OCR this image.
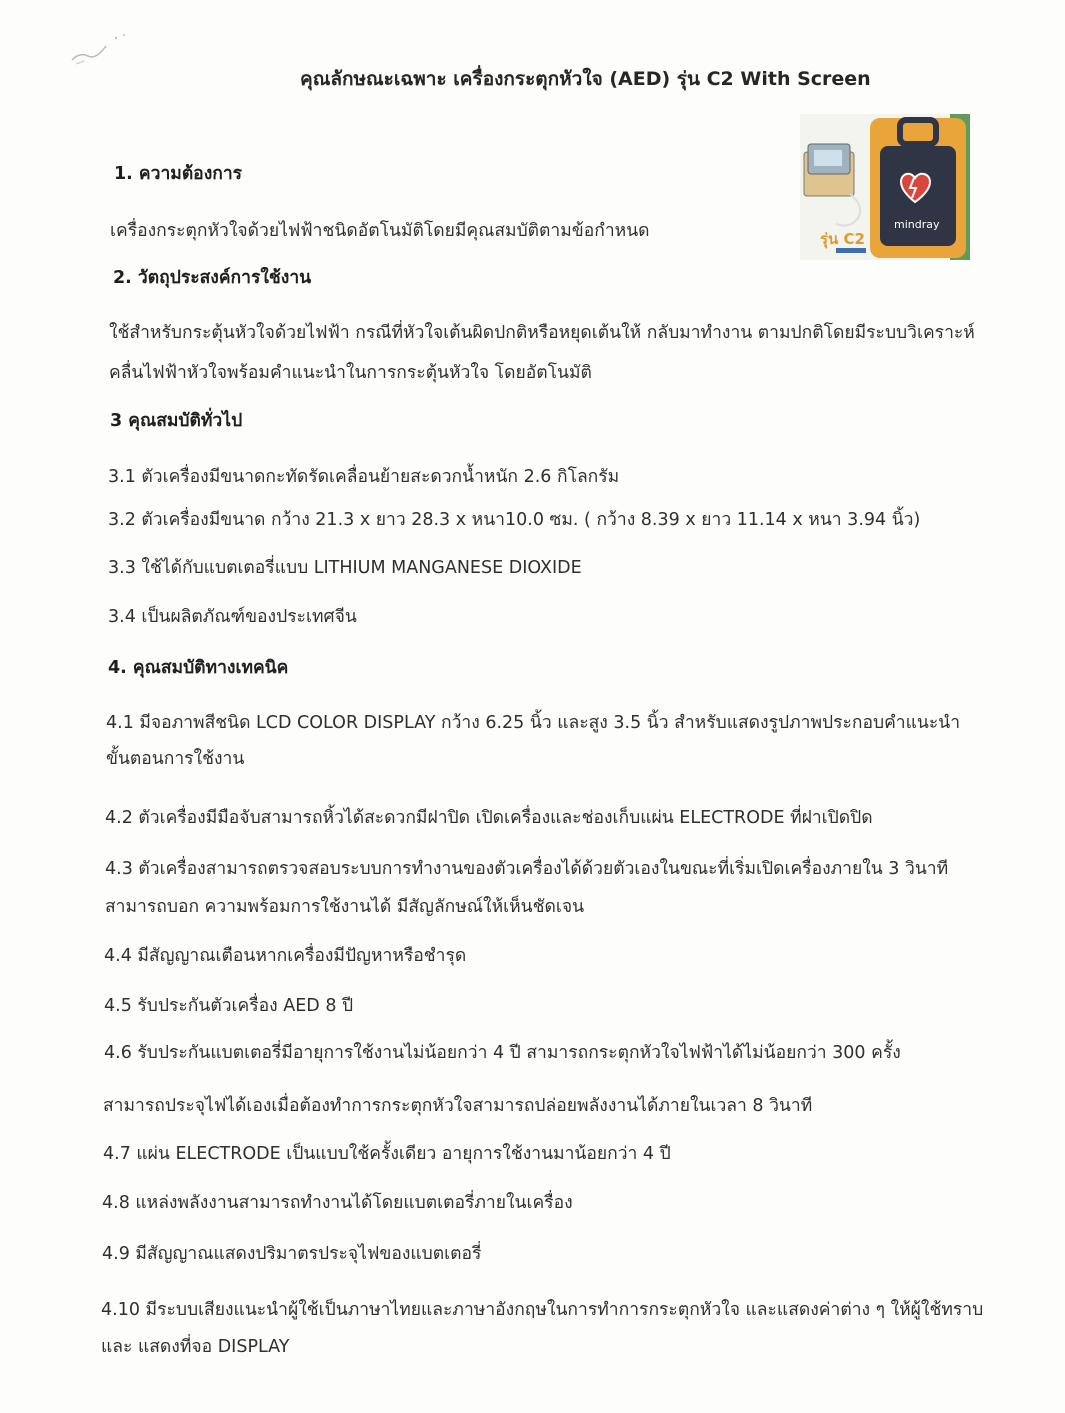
คุณลักษณะเฉพาะ เครื่องกระตุกหัวใจ (AED) รุ่น C2 With Screen
mindray
รุ่น C2
1. ความต้องการ
เครื่องกระตุกหัวใจด้วยไฟฟ้าชนิดอัตโนมัติโดยมีคุณสมบัติตามข้อกำหนด
2. วัตถุประสงค์การใช้งาน
ใช้สำหรับกระตุ้นหัวใจด้วยไฟฟ้า กรณีที่หัวใจเต้นผิดปกติหรือหยุดเต้นให้ กลับมาทำงาน ตามปกติโดยมีระบบวิเคราะห์
คลื่นไฟฟ้าหัวใจพร้อมคำแนะนำในการกระตุ้นหัวใจ โดยอัตโนมัติ
3 คุณสมบัติทั่วไป
3.1 ตัวเครื่องมีขนาดกะทัดรัดเคลื่อนย้ายสะดวกน้ำหนัก 2.6 กิโลกรัม
3.2 ตัวเครื่องมีขนาด กว้าง 21.3 x ยาว 28.3 x หนา10.0 ซม. ( กว้าง 8.39 x ยาว 11.14 x หนา 3.94 นิ้ว)
3.3 ใช้ได้กับแบตเตอรี่แบบ LITHIUM MANGANESE DIOXIDE
3.4 เป็นผลิตภัณฑ์ของประเทศจีน
4. คุณสมบัติทางเทคนิค
4.1 มีจอภาพสีชนิด LCD COLOR DISPLAY กว้าง 6.25 นิ้ว และสูง 3.5 นิ้ว สำหรับแสดงรูปภาพประกอบคำแนะนำ
ขั้นตอนการใช้งาน
4.2 ตัวเครื่องมีมือจับสามารถหิ้วได้สะดวกมีฝาปิด เปิดเครื่องและช่องเก็บแผ่น ELECTRODE ที่ฝาเปิดปิด
4.3 ตัวเครื่องสามารถตรวจสอบระบบการทำงานของตัวเครื่องได้ด้วยตัวเองในขณะที่เริ่มเปิดเครื่องภายใน 3 วินาที
สามารถบอก ความพร้อมการใช้งานได้ มีสัญลักษณ์ให้เห็นชัดเจน
4.4 มีสัญญาณเตือนหากเครื่องมีปัญหาหรือชำรุด
4.5 รับประกันตัวเครื่อง AED 8 ปี
4.6 รับประกันแบตเตอรี่มีอายุการใช้งานไม่น้อยกว่า 4 ปี สามารถกระตุกหัวใจไฟฟ้าได้ไม่น้อยกว่า 300 ครั้ง
สามารถประจุไฟได้เองเมื่อต้องทำการกระตุกหัวใจสามารถปล่อยพลังงานได้ภายในเวลา 8 วินาที
4.7 แผ่น ELECTRODE เป็นแบบใช้ครั้งเดียว อายุการใช้งานมาน้อยกว่า 4 ปี
4.8 แหล่งพลังงานสามารถทำงานได้โดยแบตเตอรี่ภายในเครื่อง
4.9 มีสัญญาณแสดงปริมาตรประจุไฟของแบตเตอรี่
4.10 มีระบบเสียงแนะนำผู้ใช้เป็นภาษาไทยและภาษาอังกฤษในการทำการกระตุกหัวใจ และแสดงค่าต่าง ๆ ให้ผู้ใช้ทราบ
และ แสดงที่จอ DISPLAY
